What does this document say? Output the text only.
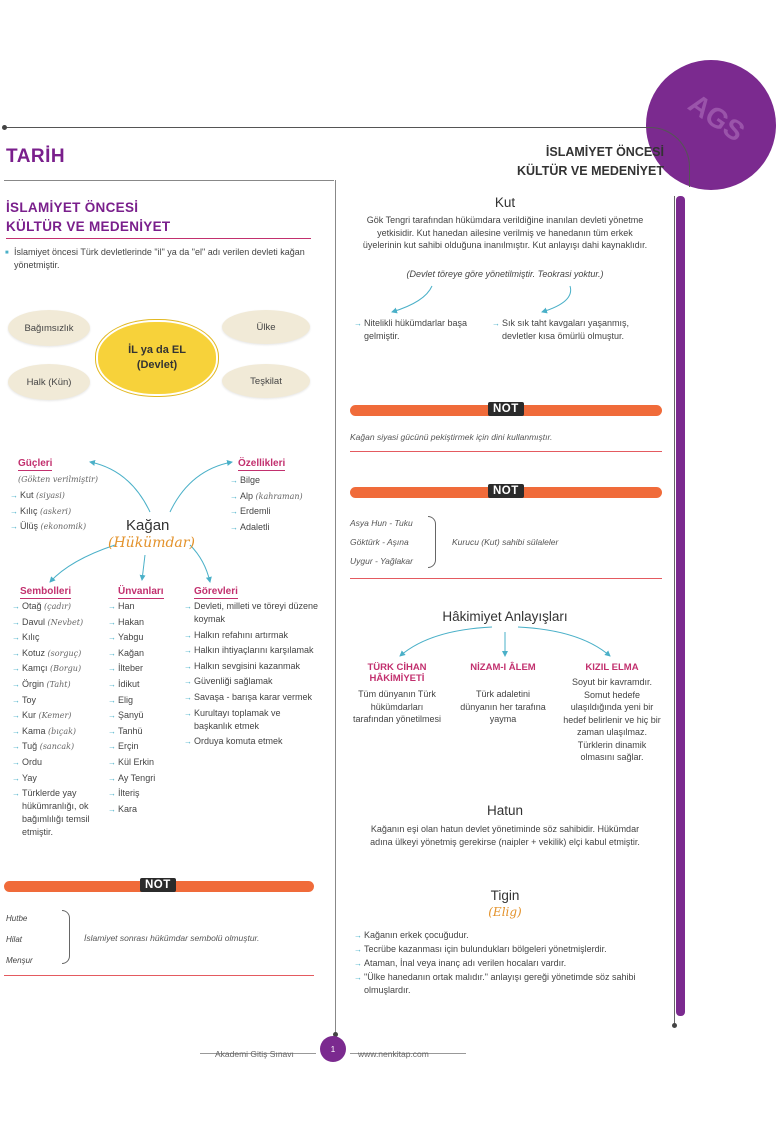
AGS
TARİH	İSLAMİYET ÖNCESİ
KÜLTÜR VE MEDENİYET
İSLAMİYET ÖNCESİ
KÜLTÜR VE MEDENİYET
■ İslamiyet öncesi Türk devletlerinde "il" ya da "el" adı verilen devleti kağan yönetmiştir.
Bağımsızlık	Ülke
Halk (Kün)	Teşkilat
İL ya da EL
(Devlet)
Güçleri
(Gökten verilmiştir)
→ Kut (siyasi)
→ Kılıç (askeri)
→ Ülüş (ekonomik)
Özellikleri
→ Bilge
→ Alp (kahraman)
→ Erdemli
→ Adaletli
Kağan
(Hükümdar)
Sembolleri
→ Otağ (çadır)
→ Davul (Nevbet)
→ Kılıç
→ Kotuz (sorguç)
→ Kamçı (Borgu)
→ Örgin (Taht)
→ Toy
→ Kur (Kemer)
→ Kama (bıçak)
→ Tuğ (sancak)
→ Ordu
→ Yay
→ Türklerde yay hükümranlığı, ok bağımlılığı temsil etmiştir.
Ünvanları
→ Han
→ Hakan
→ Yabgu
→ Kağan
→ İlteber
→ İdikut
→ Elig
→ Şanyü
→ Tanhü
→ Erçin
→ Kül Erkin
→ Ay Tengri
→ İlteriş
→ Kara
Görevleri
→ Devleti, milleti ve töreyi düzene koymak
→ Halkın refahını artırmak
→ Halkın ihtiyaçlarını karşılamak
→ Halkın sevgisini kazanmak
→ Güvenliği sağlamak
→ Savaşa - barışa karar vermek
→ Kurultayı toplamak ve başkanlık etmek
→ Orduya komuta etmek
NOT
Hutbe
Hilat
Menşur
İslamiyet sonrası hükümdar sembolü olmuştur.
Kut
Gök Tengri tarafından hükümdara verildiğine inanılan devleti yönetme yetkisidir. Kut hanedan ailesine verilmiş ve hanedanın tüm erkek üyelerinin kut sahibi olduğuna inanılmıştır. Kut anlayışı dahi kaynaklıdır.
(Devlet töreye göre yönetilmiştir. Teokrasi yoktur.)
→ Nitelikli hükümdarlar başa gelmiştir.
→ Sık sık taht kavgaları yaşanmış, devletler kısa ömürlü olmuştur.
NOT
Kağan siyasi gücünü pekiştirmek için dini kullanmıştır.
NOT
Asya Hun - Tuku
Göktürk - Aşına
Uygur - Yağlakar
Kurucu (Kut) sahibi sülaleler
Hâkimiyet Anlayışları
TÜRK CİHAN HÂKİMİYETİ
Tüm dünyanın Türk hükümdarları tarafından yönetilmesi
NİZAM-I ÂLEM
Türk adaletini dünyanın her tarafına yayma
KIZIL ELMA
Soyut bir kavramdır. Somut hedefe ulaşıldığında yeni bir hedef belirlenir ve hiç bir zaman ulaşılmaz. Türklerin dinamik olmasını sağlar.
Hatun
Kağanın eşi olan hatun devlet yönetiminde söz sahibidir. Hükümdar adına ülkeyi yönetmiş gerekirse (naipler + vekilik) elçi kabul etmiştir.
Tigin
(Elig)
→ Kağanın erkek çocuğudur.
→ Tecrübe kazanması için bulundukları bölgeleri yönetmişlerdir.
→ Ataman, İnal veya inanç adı verilen hocaları vardır.
→ "Ülke hanedanın ortak malıdır." anlayışı gereği yönetimde söz sahibi olmuşlardır.
Akademi Gitiş Sınavı	1	www.nenkitap.com
